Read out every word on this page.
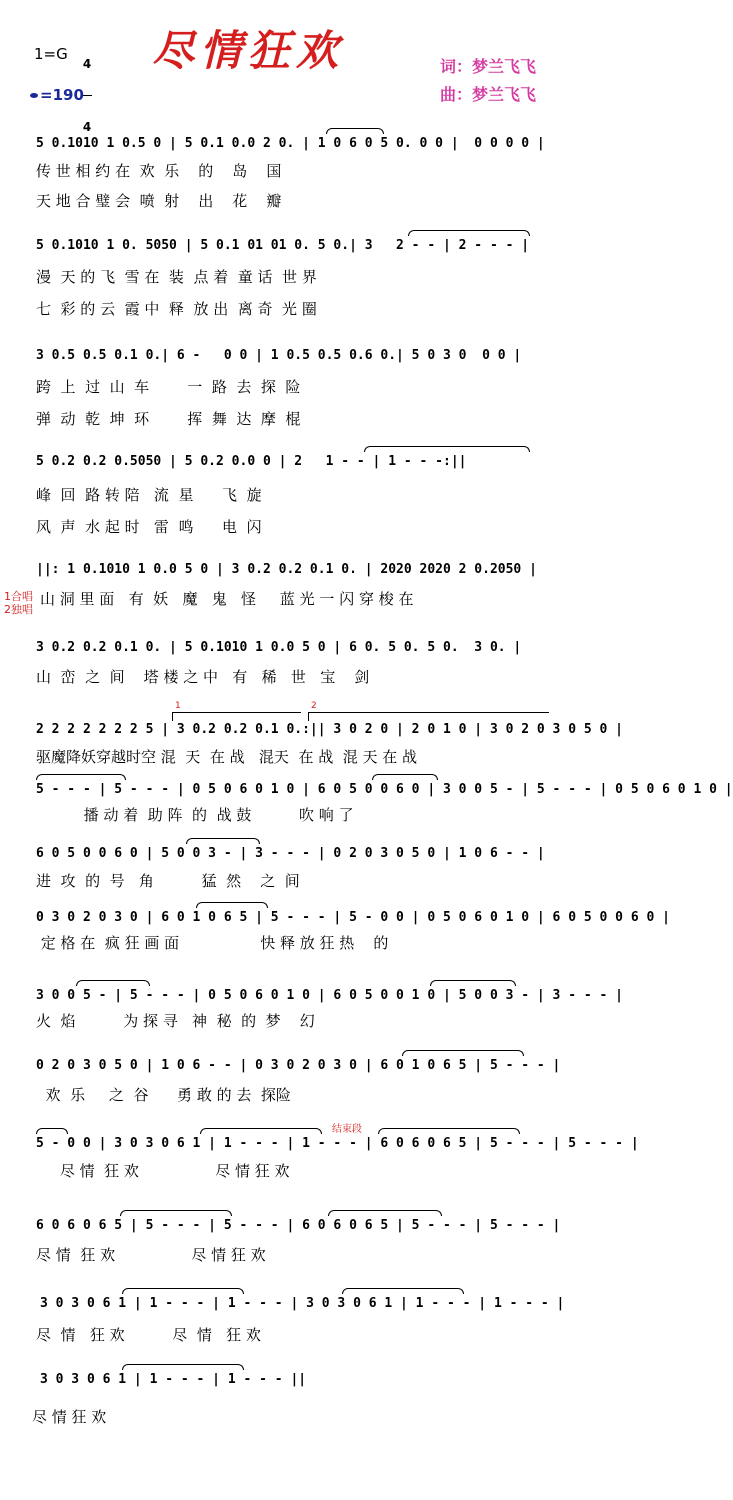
1=G

4

4

=190
尽情狂欢	词：梦兰飞飞
曲：梦兰飞飞
5 0.1010 1 0.5 0 | 5 0.1 0.0 2 0. | 1 0 6 0 5 0. 0 0 |  0 0 0 0 |
传 世 相 约 在  欢  乐    的    岛    国
天 地 合 璧 会  喷  射    出    花    瓣
5 0.1010 1 0. 5050 | 5 0.1 01 01 0. 5 0.| 3   2 - - | 2 - - - |
漫  天 的 飞  雪 在  装  点 着  童 话  世 界
七  彩 的 云  霞 中  释  放 出  离 奇  光 圈
3 0.5 0.5 0.1 0.| 6 -   0 0 | 1 0.5 0.5 0.6 0.| 5 0 3 0  0 0 |
跨  上  过  山  车        一  路  去  探  险
弹  动  乾  坤  环        挥  舞  达  摩  棍
5 0.2 0.2 0.5050 | 5 0.2 0.0 0 | 2   1 - - | 1 - - -:||
峰  回  路 转 陪   流  星      飞  旋
风  声  水 起 时   雷  鸣      电  闪
||: 1 0.1010 1 0.0 5 0 | 3 0.2 0.2 0.1 0. | 2020 2020 2 0.2050 |
1合唱
2独唱
山 洞 里 面   有  妖   魔   鬼   怪     蓝 光 一 闪 穿 梭 在
3 0.2 0.2 0.1 0. | 5 0.1010 1 0.0 5 0 | 6 0. 5 0. 5 0.  3 0. |
山  峦  之  间    塔 楼 之 中   有   稀   世   宝    剑
1	2
2 2 2 2 2 2 2 5 | 3 0.2 0.2 0.1 0.:|| 3 0 2 0 | 2 0 1 0 | 3 0 2 0 3 0 5 0 |
驱魔降妖穿越时空 混  天  在 战   混天  在 战  混 天 在 战
5 - - - | 5 - - - | 0 5 0 6 0 1 0 | 6 0 5 0 0 6 0 | 3 0 0 5 - | 5 - - - | 0 5 0 6 0 1 0 |
播 动 着  助 阵  的  战 鼓          吹 响 了
6 0 5 0 0 6 0 | 5 0 0 3 - | 3 - - - | 0 2 0 3 0 5 0 | 1 0 6 - - |
进  攻  的  号   角          猛  然    之  间
0 3 0 2 0 3 0 | 6 0 1 0 6 5 | 5 - - - | 5 - 0 0 | 0 5 0 6 0 1 0 | 6 0 5 0 0 6 0 |
定 格 在  疯 狂 画 面                 快 释 放 狂 热    的
3 0 0 5 - | 5 - - - | 0 5 0 6 0 1 0 | 6 0 5 0 0 1 0 | 5 0 0 3 - | 3 - - - |
火  焰          为 探 寻   神  秘  的  梦    幻
0 2 0 3 0 5 0 | 1 0 6 - - | 0 3 0 2 0 3 0 | 6 0 1 0 6 5 | 5 - - - |
欢  乐     之  谷      勇 敢 的 去  探险
结束段
5 - 0 0 | 3 0 3 0 6 1 | 1 - - - | 1 - - - | 6 0 6 0 6 5 | 5 - - - | 5 - - - |
尽 情  狂 欢                尽 情 狂 欢
6 0 6 0 6 5 | 5 - - - | 5 - - - | 6 0 6 0 6 5 | 5 - - - | 5 - - - |
尽 情  狂 欢                尽 情 狂 欢
3 0 3 0 6 1 | 1 - - - | 1 - - - | 3 0 3 0 6 1 | 1 - - - | 1 - - - |
尽  情   狂 欢          尽  情   狂 欢
3 0 3 0 6 1 | 1 - - - | 1 - - - ||
尽 情 狂 欢
